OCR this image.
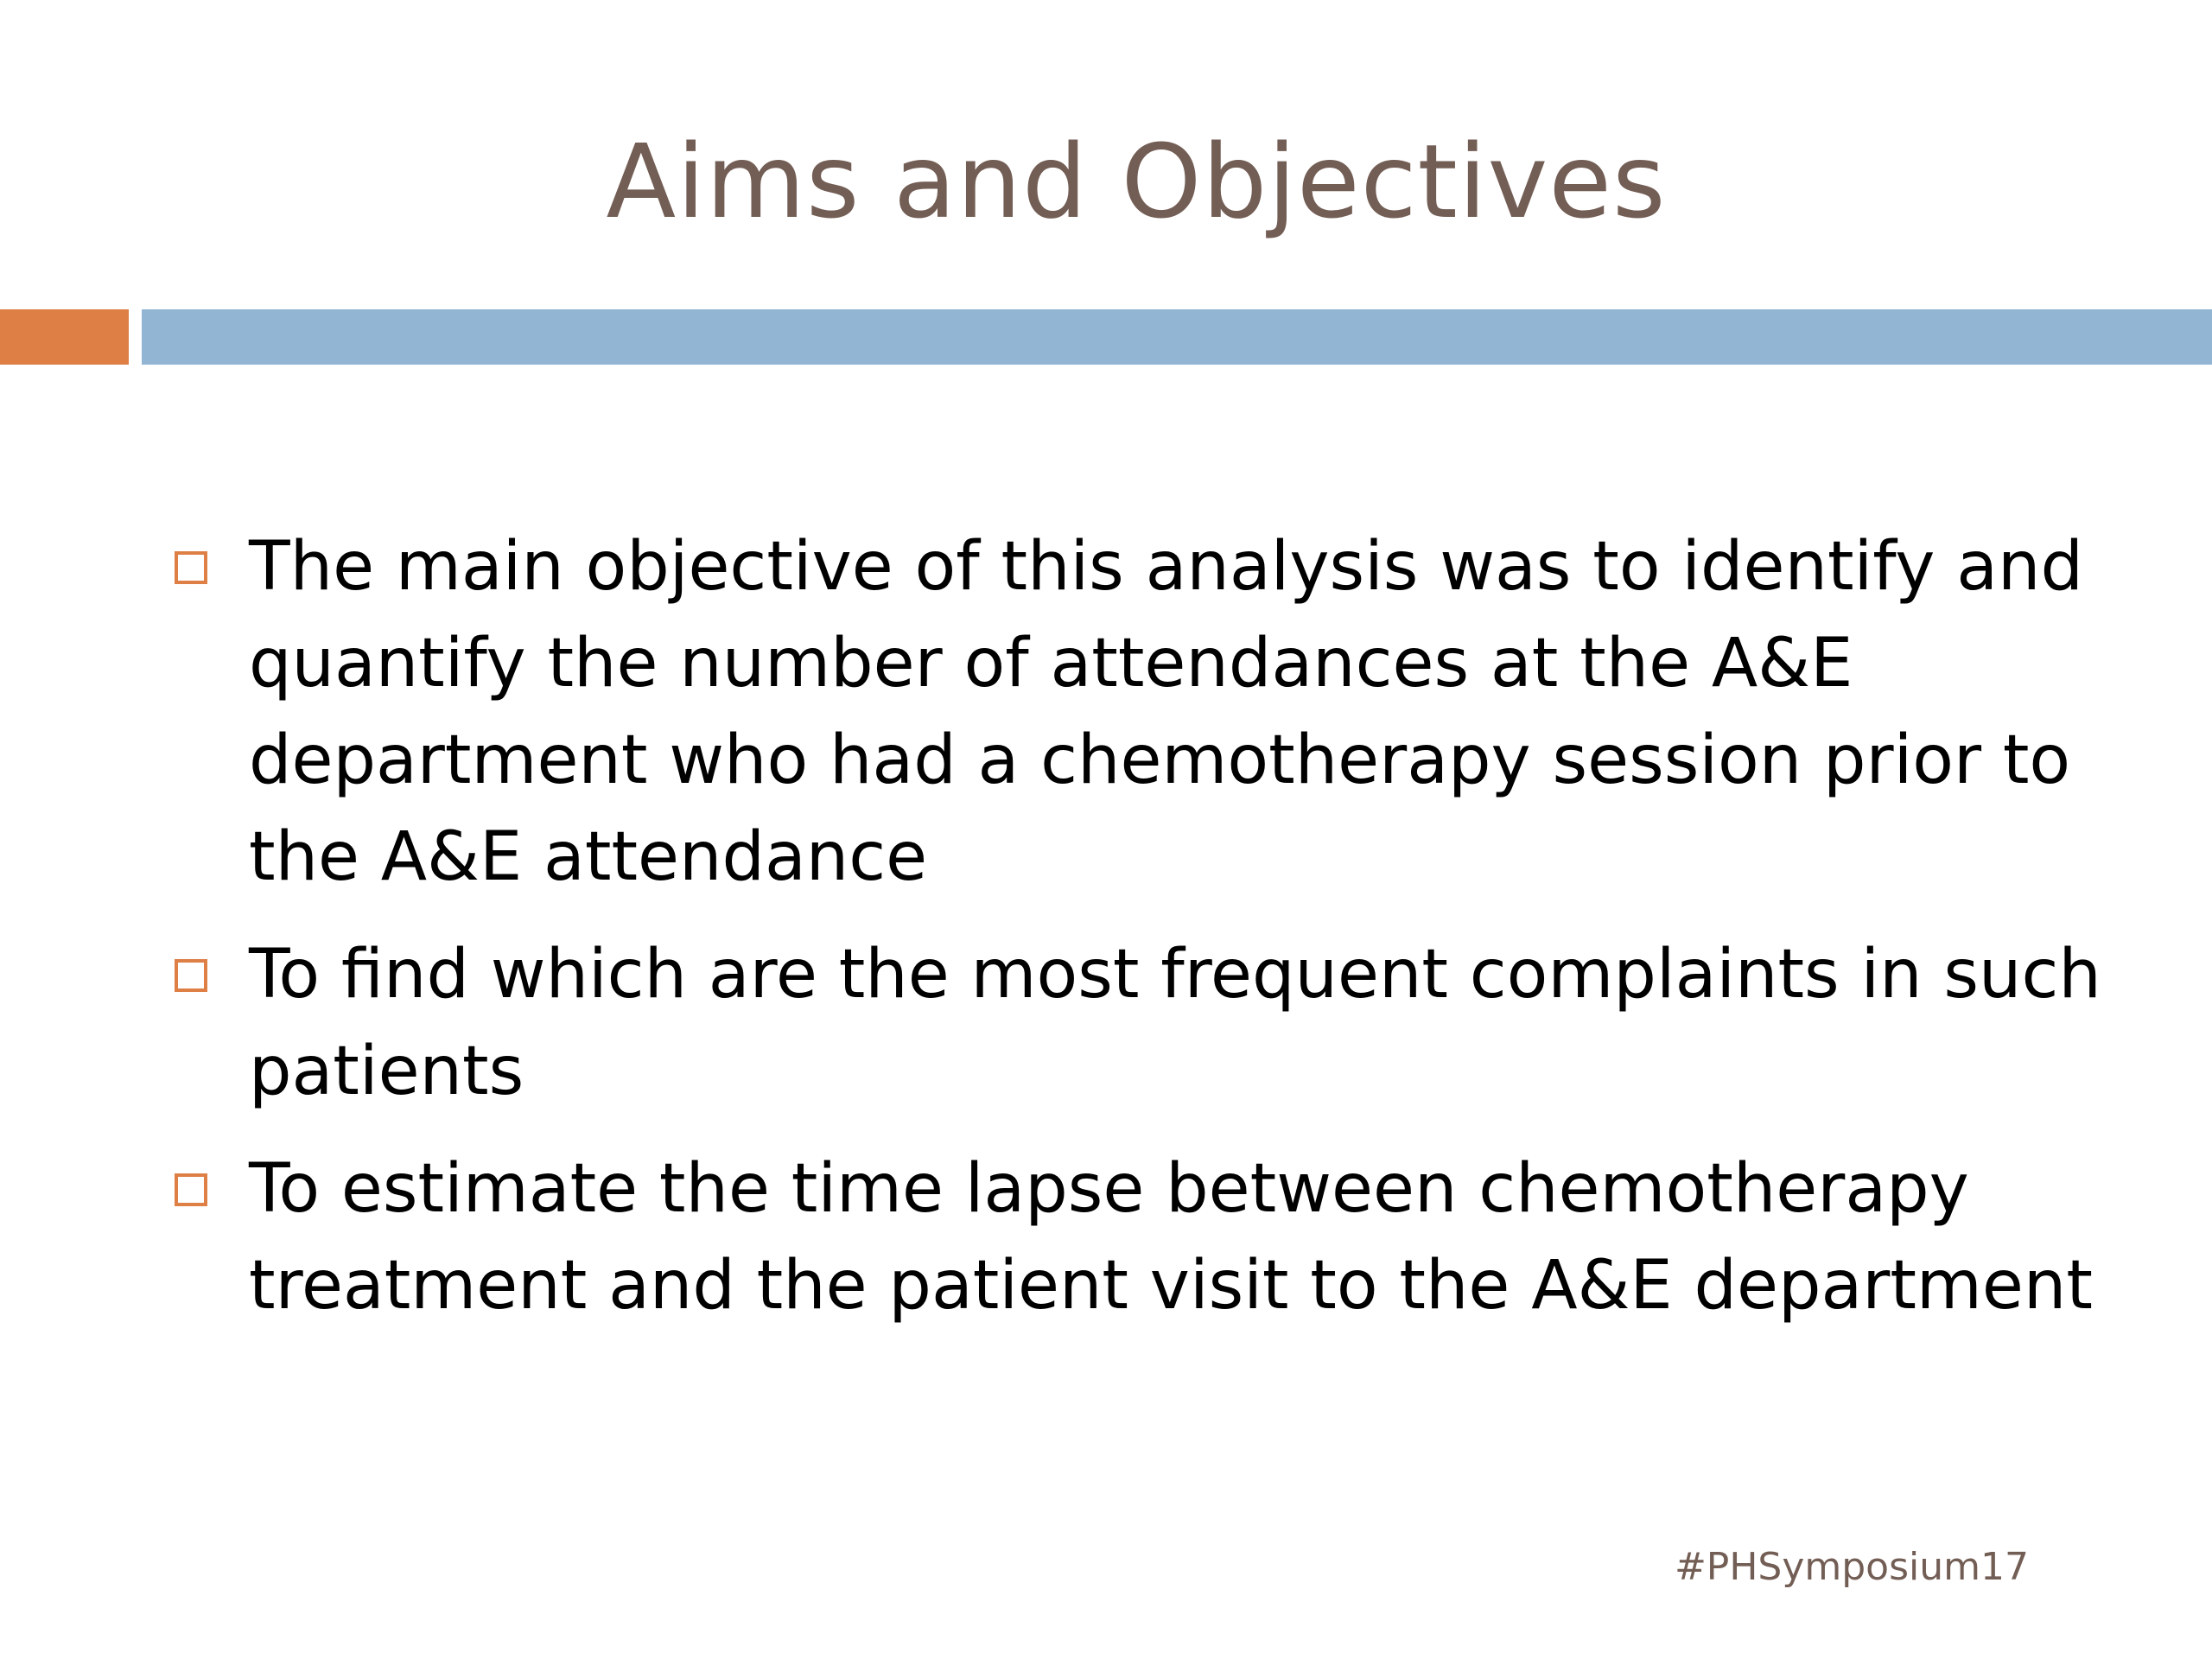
Aims and Objectives
The main objective of this analysis was to identify and quantify the number of attendances at the A&E department who had a chemotherapy session prior to the A&E attendance
To find which are the most frequent complaints in such patients
To estimate the time lapse between chemotherapy treatment and the patient visit to the A&E department
#PHSymposium17
